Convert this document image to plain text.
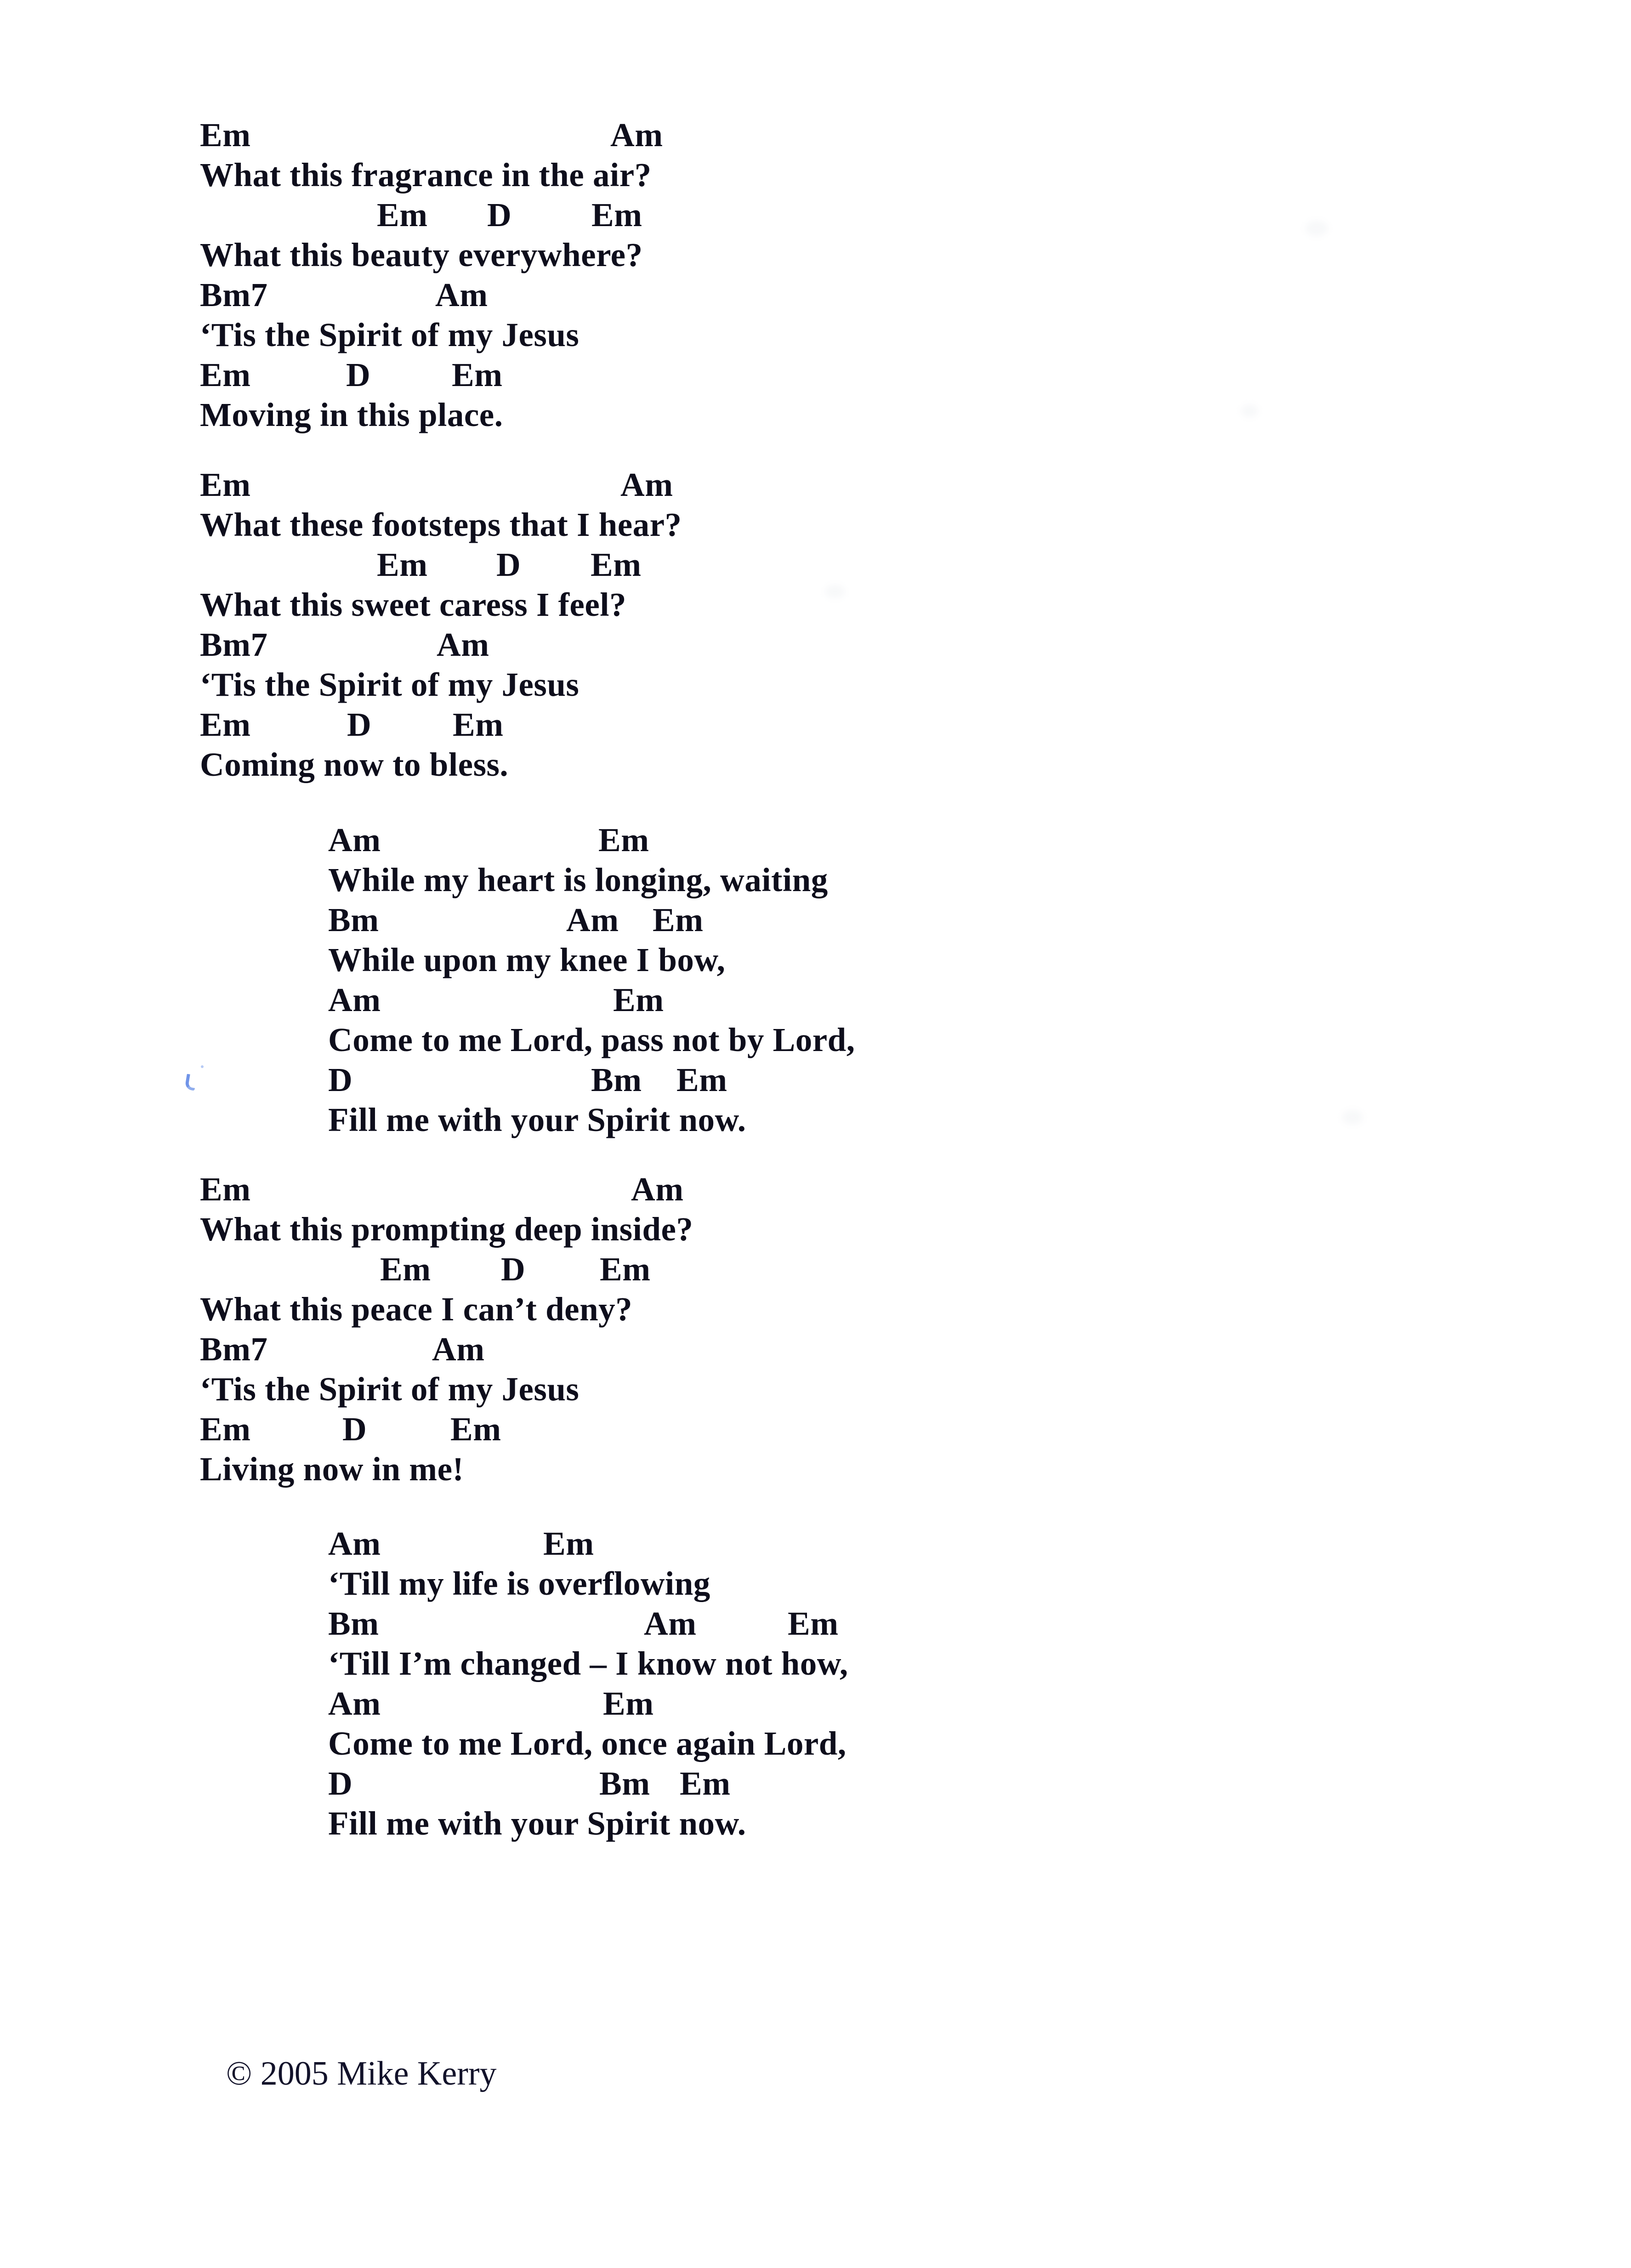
Em	Am
What this fragrance in the air?
Em D Em
What this beauty everywhere?
Bm7	Am
‘Tis the Spirit of my Jesus
Em	D Em
Moving in this place.
Em	Am
What these footsteps that I hear?
Em D Em
What this sweet caress I feel?
Bm7	Am
‘Tis the Spirit of my Jesus
Em	D Em
Coming now to bless.
Am	Em
While my heart is longing, waiting
Bm	Am Em
While upon my knee I bow,
Am	Em
Come to me Lord, pass not by Lord,
D	Bm Em
Fill me with your Spirit now.
Em	Am
What this prompting deep inside?
Em D Em
What this peace I can’t deny?
Bm7	Am
‘Tis the Spirit of my Jesus
Em	D Em
Living now in me!
Am	Em
‘Till my life is overflowing
Bm	Am	Em
‘Till I’m changed – I know not how,
Am	Em
Come to me Lord, once again Lord,
D	Bm Em
Fill me with your Spirit now.
© 2005 Mike Kerry
